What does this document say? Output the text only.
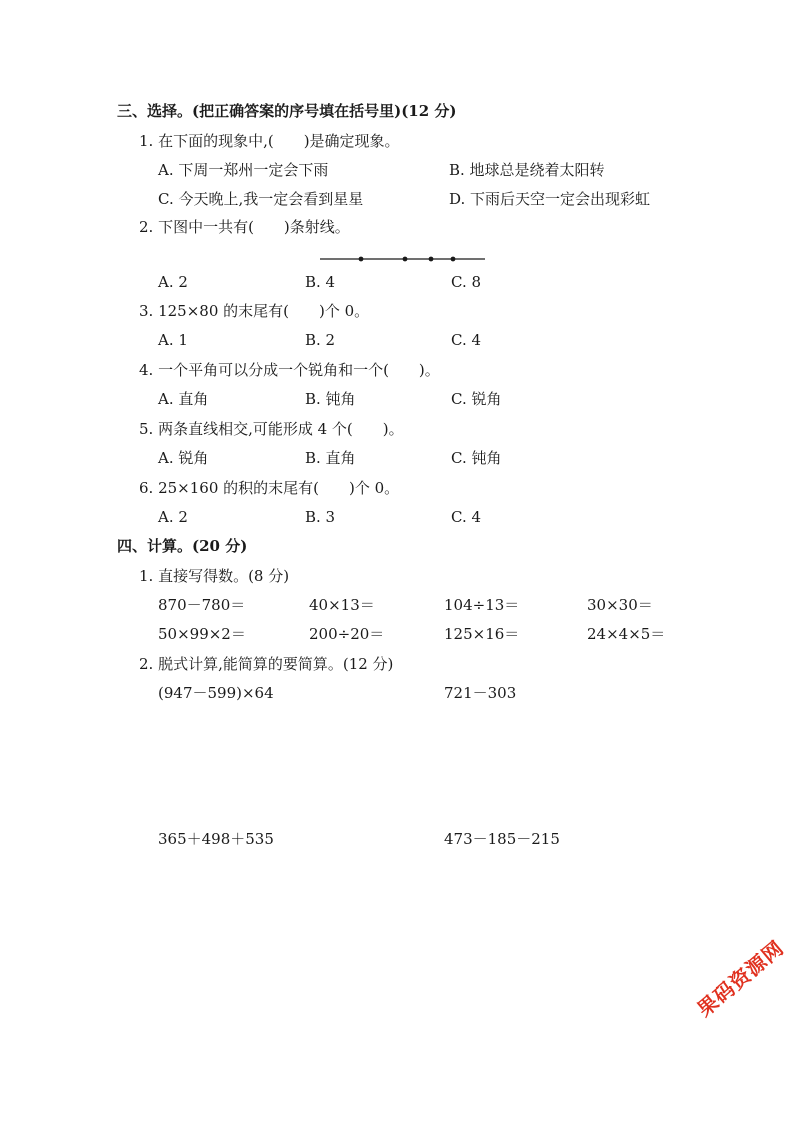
三、选择。(把正确答案的序号填在括号里)(12 分)
1. 在下面的现象中,(　　)是确定现象。
A. 下周一郑州一定会下雨	B. 地球总是绕着太阳转
C. 今天晚上,我一定会看到星星	D. 下雨后天空一定会出现彩虹
2. 下图中一共有(　　)条射线。
A. 2	B. 4	C. 8
3. 125×80 的末尾有(　　)个 0。
A. 1	B. 2	C. 4
4. 一个平角可以分成一个锐角和一个(　　)。
A. 直角	B. 钝角	C. 锐角
5. 两条直线相交,可能形成 4 个(　　)。
A. 锐角	B. 直角	C. 钝角
6. 25×160 的积的末尾有(　　)个 0。
A. 2	B. 3	C. 4
四、计算。(20 分)
1. 直接写得数。(8 分)
870－780＝	40×13＝	104÷13＝	30×30＝
50×99×2＝	200÷20＝	125×16＝	24×4×5＝
2. 脱式计算,能简算的要简算。(12 分)
(947－599)×64	721－303
365＋498＋535	473－185－215
果码资源网
